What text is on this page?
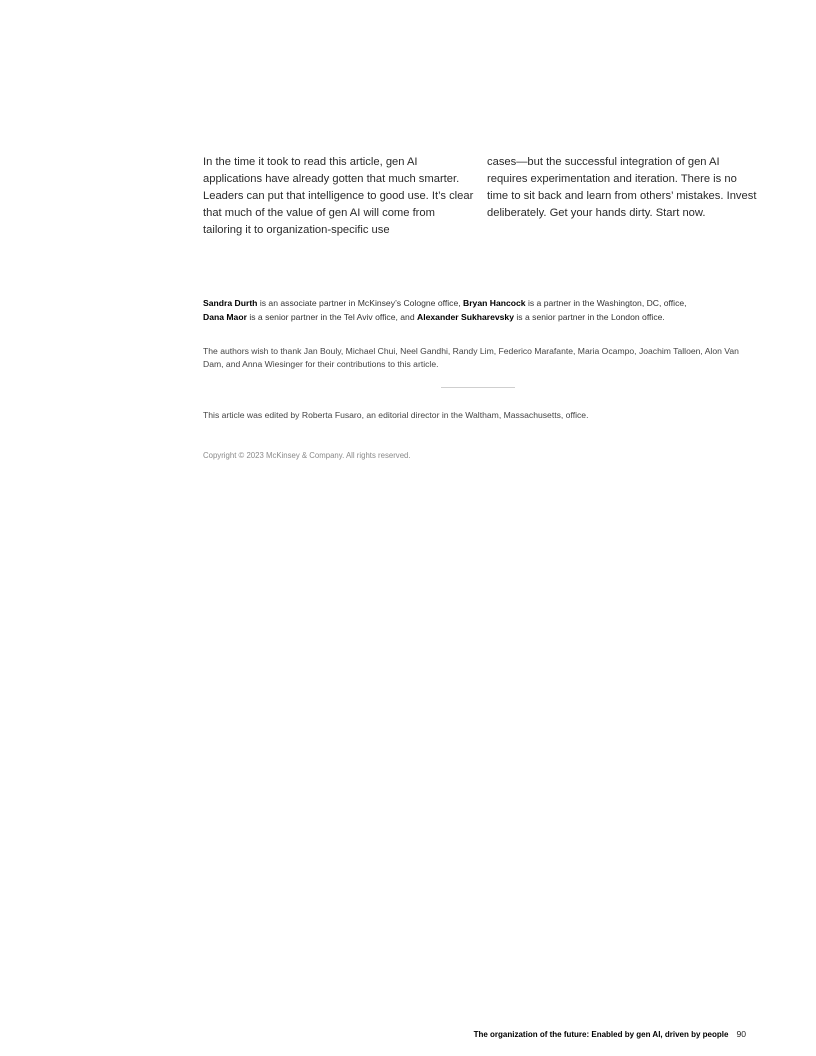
In the time it took to read this article, gen AI applications have already gotten that much smarter. Leaders can put that intelligence to good use. It’s clear that much of the value of gen AI will come from tailoring it to organization-specific use

cases—but the successful integration of gen AI requires experimentation and iteration. There is no time to sit back and learn from others’ mistakes. Invest deliberately. Get your hands dirty. Start now.

Sandra Durth is an associate partner in McKinsey’s Cologne office, Bryan Hancock is a partner in the Washington, DC, office,
Dana Maor is a senior partner in the Tel Aviv office, and Alexander Sukharevsky is a senior partner in the London office.

The authors wish to thank Jan Bouly, Michael Chui, Neel Gandhi, Randy Lim, Federico Marafante, Maria Ocampo, Joachim Talloen, Alon Van Dam, and Anna Wiesinger for their contributions to this article.

This article was edited by Roberta Fusaro, an editorial director in the Waltham, Massachusetts, office.

Copyright © 2023 McKinsey & Company. All rights reserved.

The organization of the future: Enabled by gen AI, driven by people 90
